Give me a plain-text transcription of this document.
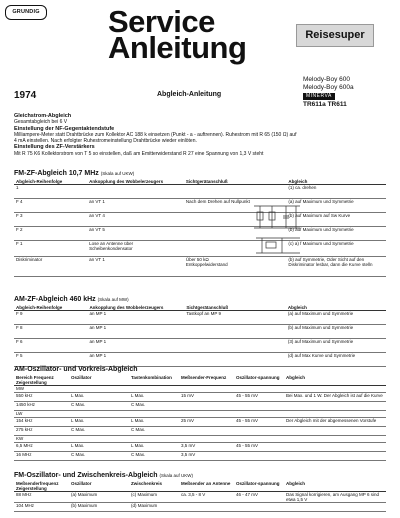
GRUNDIG Service
Anleitung	Reisesuper
1974	Abgleich-Anleitung
Melody-Boy 600
Melody-Boy 600a
MINERVA
TR611a TR611
Gleichstrom-Abgleich
Gesamtabgleich bei 6 V
Einstellung der NF-Gegentaktendstufe
Milliampere-Meter statt Drahtbrücke zum Kollektor AC 188 k einsetzen (Punkt - a - auftrennen). Ruhestrom mit R 65 (150 Ω) auf
4 mA einstellen. Nach erfolgter Ruhestromeinstellung Drahtbrücke wieder einlöten.
Einstellung des ZF-Verstärkers
Mit R 75 K6 Kollektorstrom von T 5 so einstellen, daß am Emitterwiderstand R 27 eine Spannung von 1,3 V steht
FM-ZF-Abgleich 10,7 MHz (Skala auf UKW)
Abgleich-Reihenfolge	Ankopplung des Wobbelerzeugers		Sichtgerätanschluß		Abgleich
1					(1) ca. drehen
F 4	an VT 1		Nach dem Drehen auf Nullpunkt		(a) auf Maximum und Symmetrie
F 3	an VT 4				(b) auf Maximum auf Sw Kurve
F 2	an VT 5				(b) auf Maximum und Symmetrie
F 1	Lose an Antenne über Scheibenkondensator				(c) a) f Maximum und Symmetrie
Diskriminator	an VT 1		Über 50 kΩ Entkoppelwiderstand		(b) auf Symmetrie, Oder Sicht auf den Diskriminator lesbar, dann die Kurve stelln
AM-ZF-Abgleich 460 kHz (Skala auf MW)
Abgleich-Reihenfolge	Ankopplung des Wobbelerzeugers		Sichtgerätanschluß		Abgleich
F 9	an MP 1		Tastkopf an MP 9		(a) auf Maximum und Symmetrie
F 8	an MP 1				(b) auf Maximum und Symmetrie
F 6	an MP 1				(3) auf Maximum und Symmetrie
F 5	an MP 1				(d) auf Max Kurve und Symmetrie
AM-Oszillator- und Vorkreis-Abgleich
Bereich Frequenz Zeigerstellung	Oszillator	Tastenkombination	Meßsender-Frequenz	Oszillator-spannung	Abgleich
MW					
550 kHz	L Max.	L Max.	15 mV	45 - 55 mV	Bei Max. und 1 W. Der Abgleich ist auf die Kurve
1450 kHz	C Max.	C Max.			
LW					
154 kHz	L Max.	L Max.	25 mV	45 - 55 mV	Der Abgleich mit der abgemessenen Vorstufe
275 kHz	C Max.	C Max.			
KW					
6,5 MHz	L Max.	L Max.	3,5 mV	45 - 55 mV	
16 MHz	C Max.	C Max.	3,5 mV		
FM-Oszillator- und Zwischenkreis-Abgleich (Skala auf UKW)
Meßsenderfrequenz Zeigerstellung	Oszillator	Zwischenkreis	Meßsender an Antenne	Oszillator-spannung	Abgleich
88 MHz	(a) Maximum	(c) Maximum	ca. 3,5 - 8 V	46 - 47 mV	Das Signal korrigieren, am Ausgang MP 6 sind etwa 1,5 V
104 MHz	(b) Maximum	(d) Maximum			
